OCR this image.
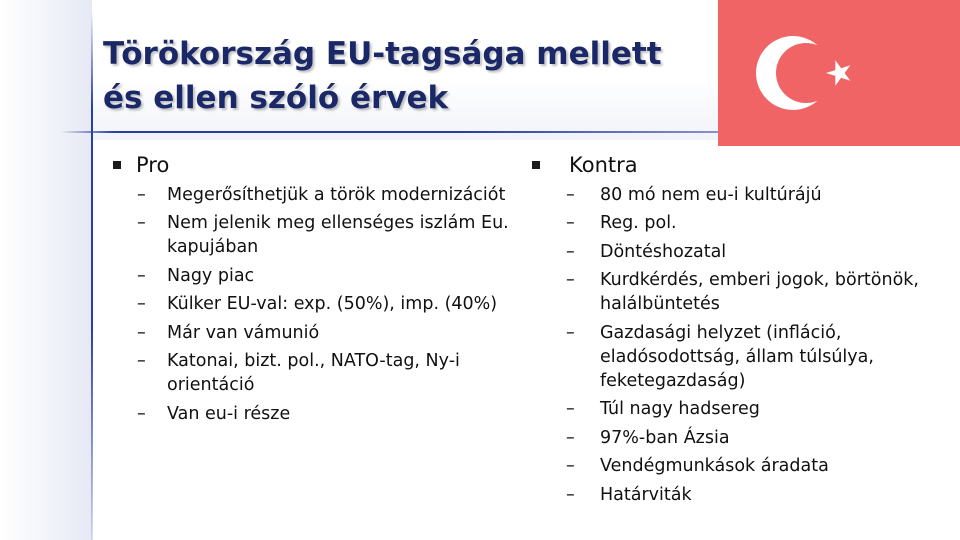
Törökország EU-tagsága mellett
és ellen szóló érvek
Pro
– Megerősíthetjük a török modernizációt
– Nem jelenik meg ellenséges iszlám Eu. kapujában
– Nagy piac
– Külker EU-val: exp. (50%), imp. (40%)
– Már van vámunió
– Katonai, bizt. pol., NATO-tag, Ny-i orientáció
– Van eu-i része
Kontra
– 80 mó nem eu-i kultúrájú
– Reg. pol.
– Döntéshozatal
– Kurdkérdés, emberi jogok, börtönök, halálbüntetés
– Gazdasági helyzet (infláció, eladósodottság, állam túlsúlya, feketegazdaság)
– Túl nagy hadsereg
– 97%-ban Ázsia
– Vendégmunkások áradata
– Határviták
